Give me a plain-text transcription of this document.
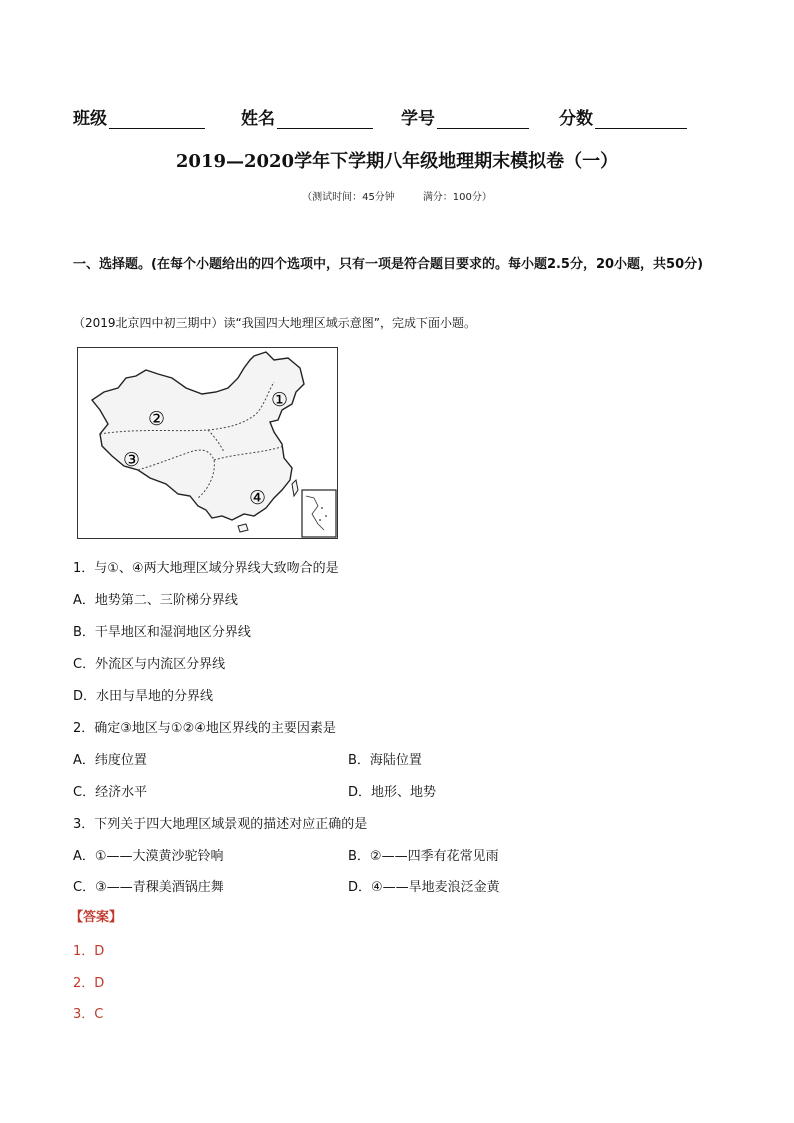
班级	姓名	学号	分数
2019—2020学年下学期八年级地理期末模拟卷（一）
（测试时间：45分钟	满分：100分）
一、选择题。(在每个小题给出的四个选项中，只有一项是符合题目要求的。每小题2.5分，20小题，共50分)
（2019北京四中初三期中）读“我国四大地理区域示意图”，完成下面小题。
①
②
③
④
1．与①、④两大地理区域分界线大致吻合的是
A．地势第二、三阶梯分界线
B．干旱地区和湿润地区分界线
C．外流区与内流区分界线
D．水田与旱地的分界线
2．确定③地区与①②④地区界线的主要因素是
A．纬度位置	B．海陆位置
C．经济水平	D．地形、地势
3．下列关于四大地理区域景观的描述对应正确的是
A．①——大漠黄沙驼铃响	B．②——四季有花常见雨
C．③——青稞美酒锅庄舞	D．④——旱地麦浪泛金黄
【答案】
1．D
2．D
3．C
